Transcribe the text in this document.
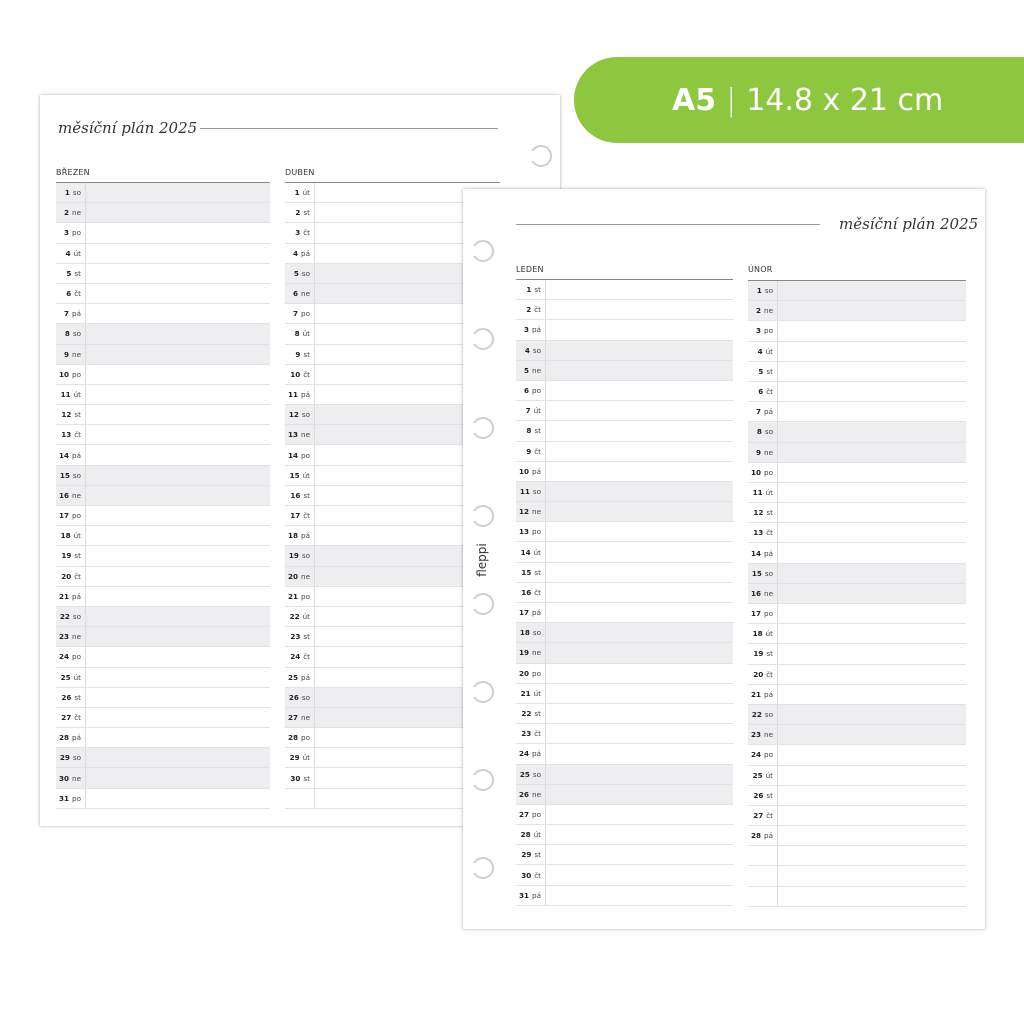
A5 | 14.8 x 21 cm
měsíční plán 2025
BŘEZEN
1 so
2 ne
3 po
4 út
5 st
6 čt
7 pá
8 so
9 ne
10 po
11 út
12 st
13 čt
14 pá
15 so
16 ne
17 po
18 út
19 st
20 čt
21 pá
22 so
23 ne
24 po
25 út
26 st
27 čt
28 pá
29 so
30 ne
31 po
DUBEN
1 út
2 st
3 čt
4 pá
5 so
6 ne
7 po
8 út
9 st
10 čt
11 pá
12 so
13 ne
14 po
15 út
16 st
17 čt
18 pá
19 so
20 ne
21 po
22 út
23 st
24 čt
25 pá
26 so
27 ne
28 po
29 út
30 st
měsíční plán 2025
LEDEN
1 st
2 čt
3 pá
4 so
5 ne
6 po
7 út
8 st
9 čt
10 pá
11 so
12 ne
13 po
14 út
15 st
16 čt
17 pá
18 so
19 ne
20 po
21 út
22 st
23 čt
24 pá
25 so
26 ne
27 po
28 út
29 st
30 čt
31 pá
ÚNOR
1 so
2 ne
3 po
4 út
5 st
6 čt
7 pá
8 so
9 ne
10 po
11 út
12 st
13 čt
14 pá
15 so
16 ne
17 po
18 út
19 st
20 čt
21 pá
22 so
23 ne
24 po
25 út
26 st
27 čt
28 pá
fleppi
